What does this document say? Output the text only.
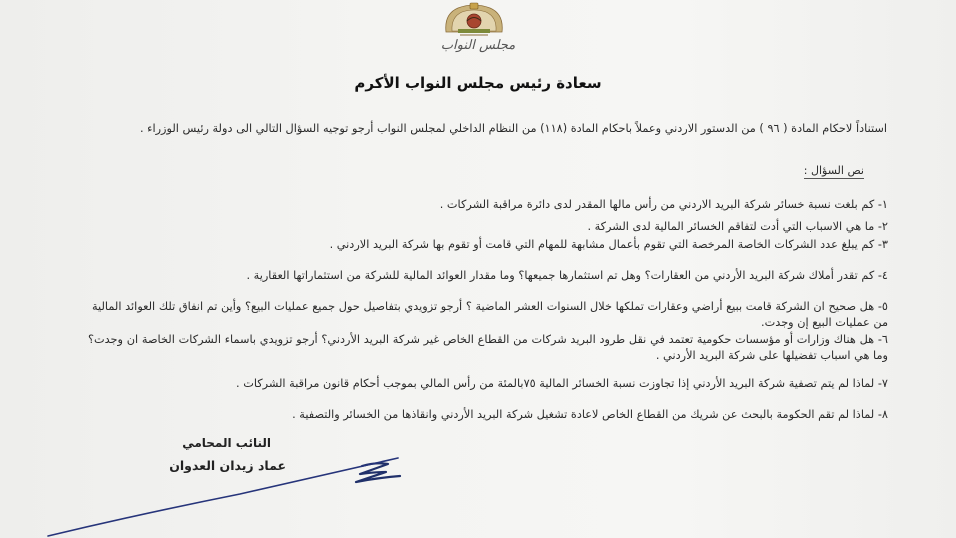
مجلس النواب
سعادة رئيس مجلس النواب الأكرم

استناداً لاحكام المادة ( ٩٦ ) من الدستور الاردني وعملاً باحكام المادة (١١٨) من النظام الداخلي لمجلس النواب أرجو توجيه السؤال التالي الى دولة رئيس الوزراء .

نص السؤال :
١- كم بلغت نسبة خسائر شركة البريد الاردني من رأس مالها المقدر لدى دائرة مراقبة الشركات .
٢- ما هي الاسباب التي أدت لتفاقم الخسائر المالية لدى الشركة .
٣- كم يبلغ عدد الشركات الخاصة المرخصة التي تقوم بأعمال مشابهة للمهام التي قامت أو تقوم بها شركة البريد الاردني .
٤- كم تقدر أملاك شركة البريد الأردني من العقارات؟ وهل تم استثمارها جميعها؟ وما مقدار العوائد المالية للشركة من استثماراتها العقارية .
٥- هل صحيح ان الشركة قامت ببيع أراضي وعقارات تملكها خلال السنوات العشر الماضية ؟ أرجو تزويدي بتفاصيل حول جميع عمليات البيع؟ وأين تم انفاق تلك العوائد المالية من عمليات البيع إن وجدت.
٦- هل هناك وزارات أو مؤسسات حكومية تعتمد في نقل طرود البريد شركات من القطاع الخاص غير شركة البريد الأردني؟ أرجو تزويدي باسماء الشركات الخاصة ان وجدت؟وما هي اسباب تفضيلها على شركة البريد الأردني .
٧- لماذا لم يتم تصفية شركة البريد الأردني إذا تجاوزت نسبة الخسائر المالية ٧٥بالمئة من رأس المالي بموجب أحكام قانون مراقبة الشركات .
٨- لماذا لم تقم الحكومة بالبحث عن شريك من القطاع الخاص لاعادة تشغيل شركة البريد الأردني وانقاذها من الخسائر والتصفية .
النائب المحامي
عماد زيدان العدوان
